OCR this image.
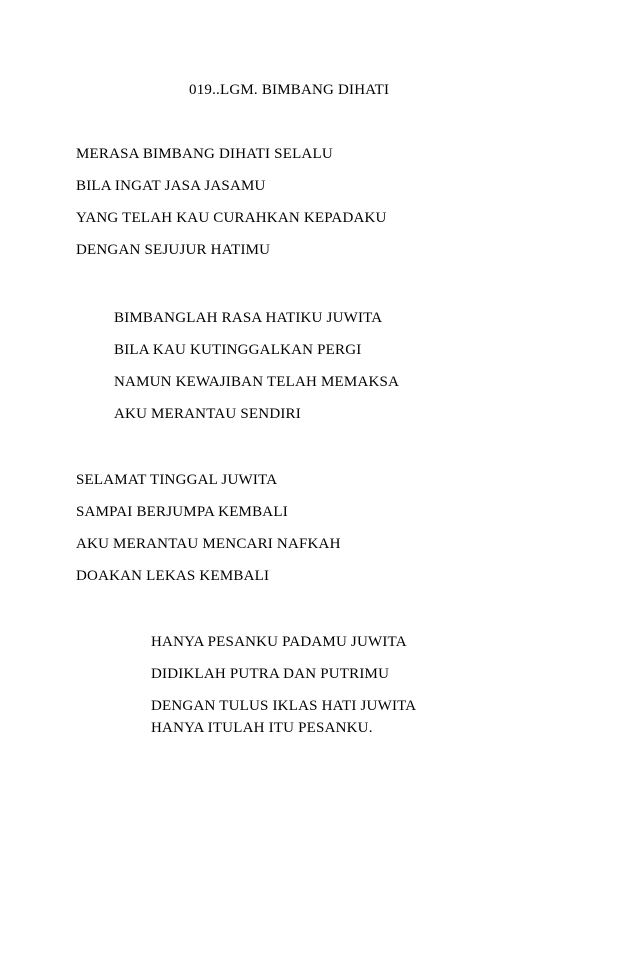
019..LGM. BIMBANG DIHATI
MERASA BIMBANG DIHATI SELALU
BILA INGAT JASA JASAMU
YANG TELAH KAU CURAHKAN KEPADAKU
DENGAN SEJUJUR HATIMU
BIMBANGLAH RASA HATIKU JUWITA
BILA KAU KUTINGGALKAN PERGI
NAMUN KEWAJIBAN TELAH MEMAKSA
AKU MERANTAU SENDIRI
SELAMAT TINGGAL JUWITA
SAMPAI BERJUMPA KEMBALI
AKU MERANTAU MENCARI NAFKAH
DOAKAN LEKAS KEMBALI
HANYA PESANKU PADAMU JUWITA
DIDIKLAH PUTRA DAN PUTRIMU
DENGAN TULUS IKLAS HATI JUWITA
HANYA ITULAH ITU PESANKU.
